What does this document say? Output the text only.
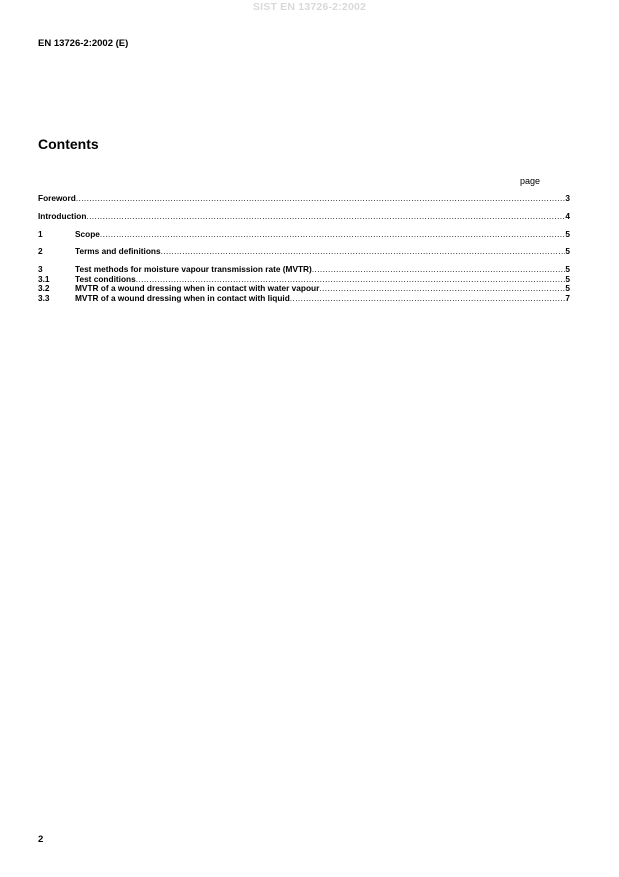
SIST EN 13726-2:2002
EN 13726-2:2002 (E)
Contents
page
Foreword .....	3
Introduction .....	4
1	Scope .....	5
2	Terms and definitions .....	5
3	Test methods for moisture vapour transmission rate (MVTR) .....	5
3.1	Test conditions .....	5
3.2	MVTR of a wound dressing when in contact with water vapour .....	5
3.3	MVTR of a wound dressing when in contact with liquid .....	7
2
